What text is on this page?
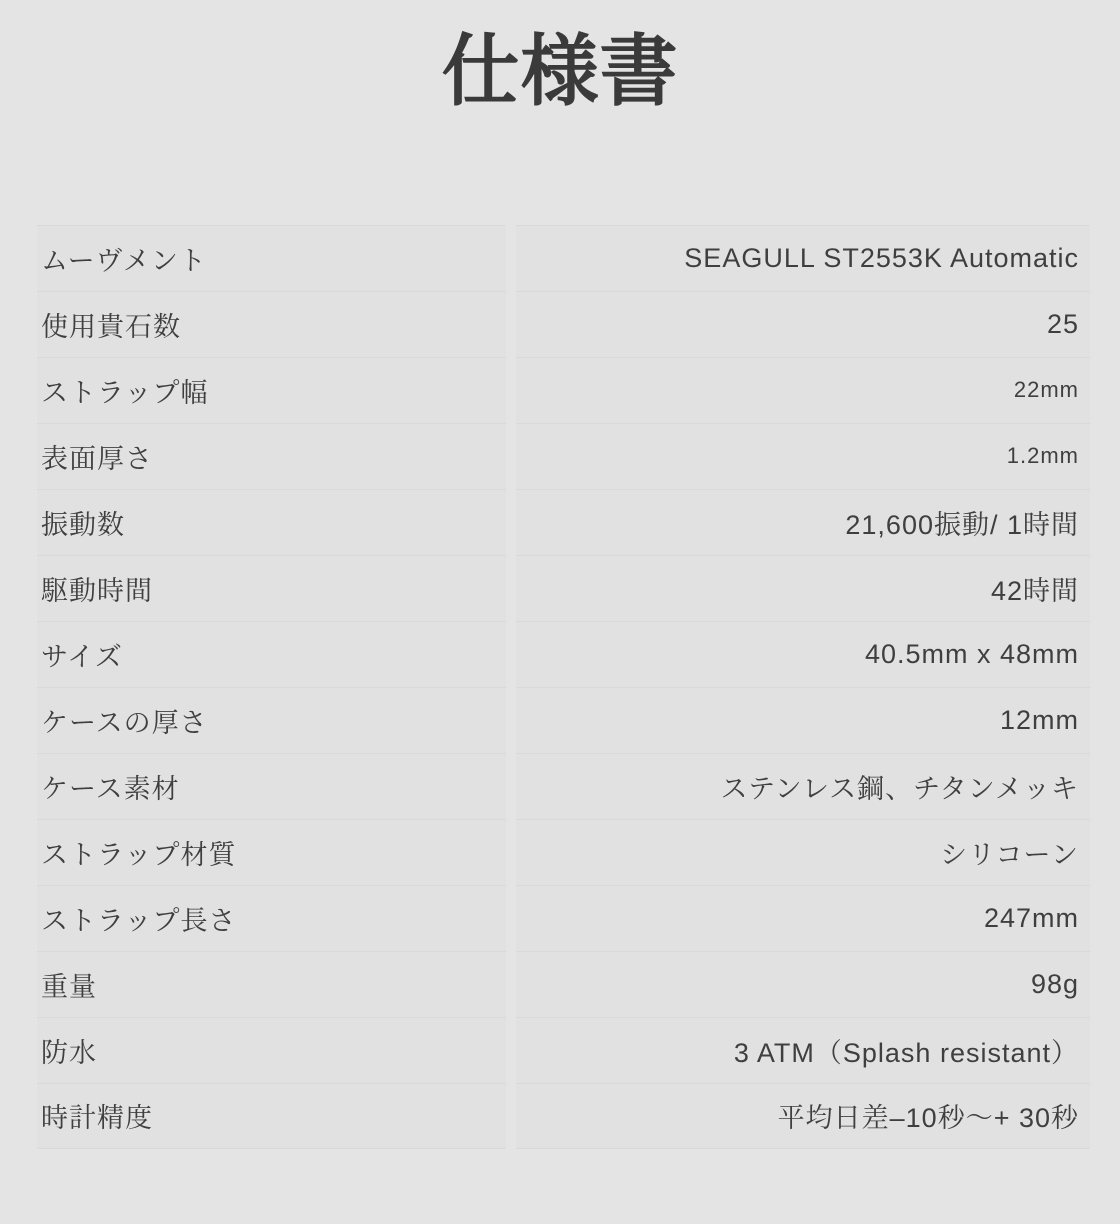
仕様書
ムーヴメント	SEAGULL ST2553K Automatic
使用貴石数	25
ストラップ幅	22mm
表面厚さ	1.2mm
振動数	21,600振動/ 1時間
駆動時間	42時間
サイズ	40.5mm x 48mm
ケースの厚さ	12mm
ケース素材	ステンレス鋼、チタンメッキ
ストラップ材質	シリコーン
ストラップ長さ	247mm
重量	98g
防水	3 ATM（Splash resistant）
時計精度	平均日差–10秒〜+ 30秒
